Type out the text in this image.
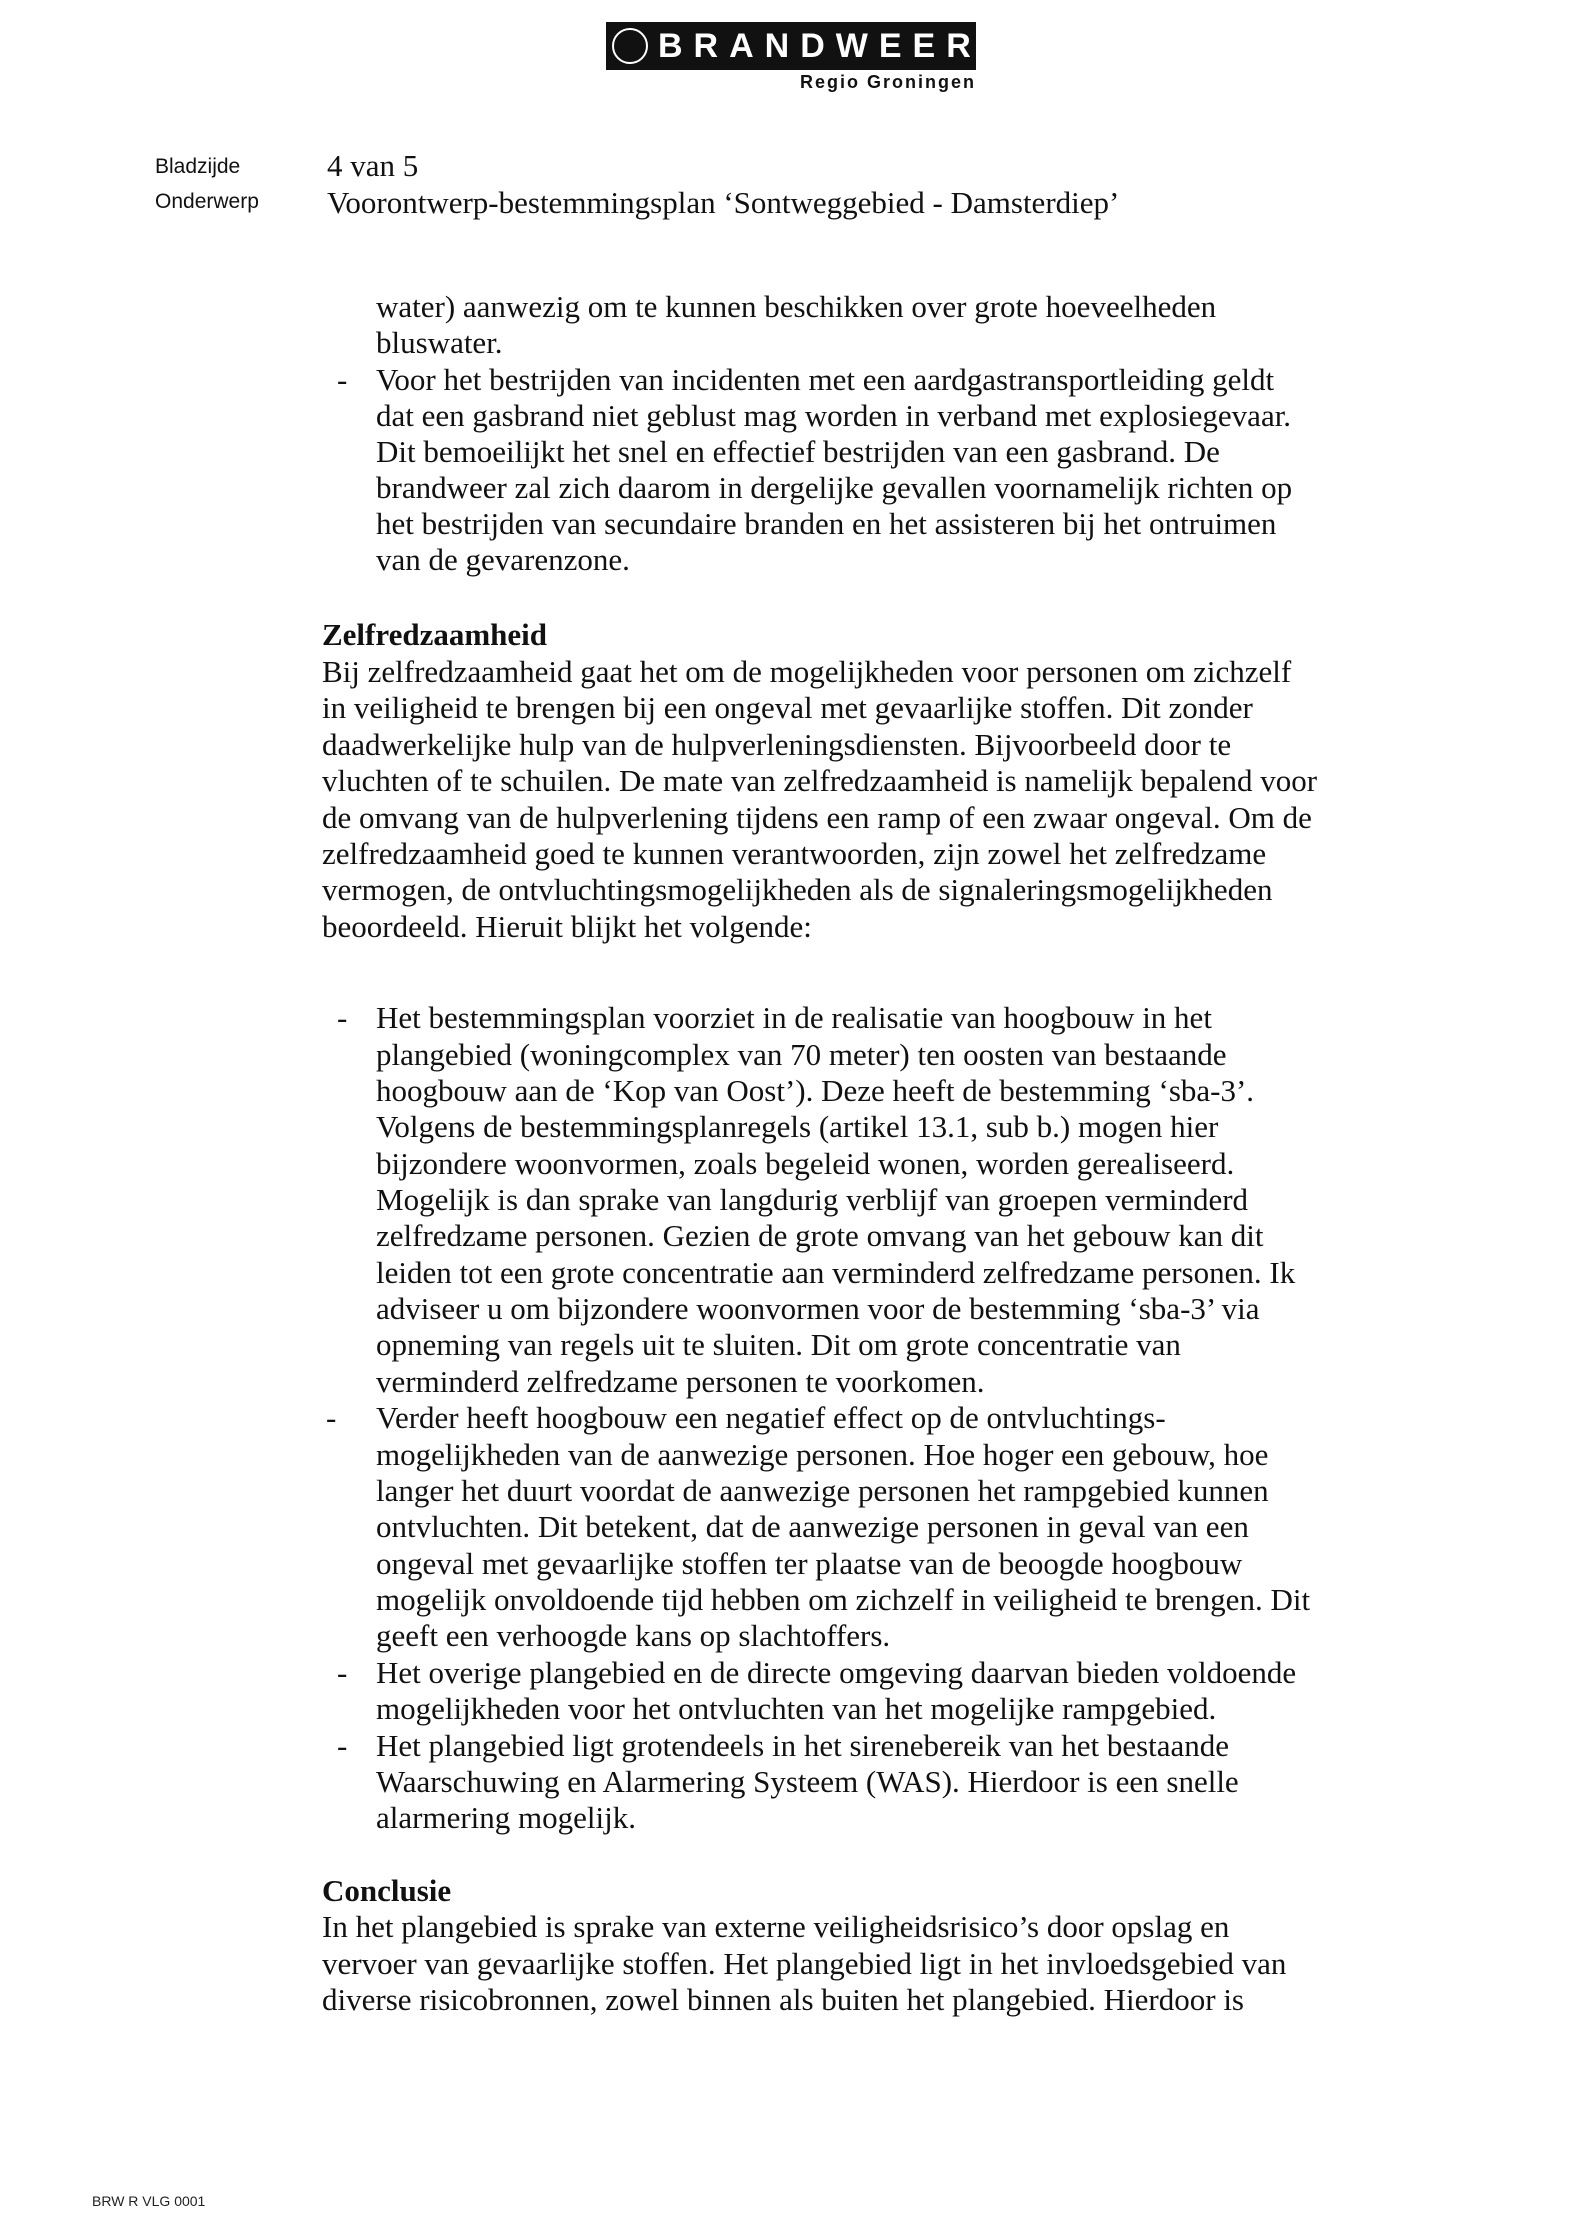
BRANDWEER
Regio Groningen
Bladzijde	4 van 5
Onderwerp Voorontwerp-bestemmingsplan ‘Sontweggebied - Damsterdiep’
water) aanwezig om te kunnen beschikken over grote hoeveelheden
bluswater.
- Voor het bestrijden van incidenten met een aardgastransportleiding geldt
dat een gasbrand niet geblust mag worden in verband met explosiegevaar.
Dit bemoeilijkt het snel en effectief bestrijden van een gasbrand. De
brandweer zal zich daarom in dergelijke gevallen voornamelijk richten op
het bestrijden van secundaire branden en het assisteren bij het ontruimen
van de gevarenzone.
Zelfredzaamheid
Bij zelfredzaamheid gaat het om de mogelijkheden voor personen om zichzelf
in veiligheid te brengen bij een ongeval met gevaarlijke stoffen. Dit zonder
daadwerkelijke hulp van de hulpverleningsdiensten. Bijvoorbeeld door te
vluchten of te schuilen. De mate van zelfredzaamheid is namelijk bepalend voor
de omvang van de hulpverlening tijdens een ramp of een zwaar ongeval. Om de
zelfredzaamheid goed te kunnen verantwoorden, zijn zowel het zelfredzame
vermogen, de ontvluchtingsmogelijkheden als de signaleringsmogelijkheden
beoordeeld. Hieruit blijkt het volgende:
- Het bestemmingsplan voorziet in de realisatie van hoogbouw in het
plangebied (woningcomplex van 70 meter) ten oosten van bestaande
hoogbouw aan de ‘Kop van Oost’). Deze heeft de bestemming ‘sba-3’.
Volgens de bestemmingsplanregels (artikel 13.1, sub b.) mogen hier
bijzondere woonvormen, zoals begeleid wonen, worden gerealiseerd.
Mogelijk is dan sprake van langdurig verblijf van groepen verminderd
zelfredzame personen. Gezien de grote omvang van het gebouw kan dit
leiden tot een grote concentratie aan verminderd zelfredzame personen. Ik
adviseer u om bijzondere woonvormen voor de bestemming ‘sba-3’ via
opneming van regels uit te sluiten. Dit om grote concentratie van
verminderd zelfredzame personen te voorkomen.
- Verder heeft hoogbouw een negatief effect op de ontvluchtings-
mogelijkheden van de aanwezige personen. Hoe hoger een gebouw, hoe
langer het duurt voordat de aanwezige personen het rampgebied kunnen
ontvluchten. Dit betekent, dat de aanwezige personen in geval van een
ongeval met gevaarlijke stoffen ter plaatse van de beoogde hoogbouw
mogelijk onvoldoende tijd hebben om zichzelf in veiligheid te brengen. Dit
geeft een verhoogde kans op slachtoffers.
- Het overige plangebied en de directe omgeving daarvan bieden voldoende
mogelijkheden voor het ontvluchten van het mogelijke rampgebied.
- Het plangebied ligt grotendeels in het sirenebereik van het bestaande
Waarschuwing en Alarmering Systeem (WAS). Hierdoor is een snelle
alarmering mogelijk.
Conclusie
In het plangebied is sprake van externe veiligheidsrisico’s door opslag en
vervoer van gevaarlijke stoffen. Het plangebied ligt in het invloedsgebied van
diverse risicobronnen, zowel binnen als buiten het plangebied. Hierdoor is
BRW R VLG 0001
